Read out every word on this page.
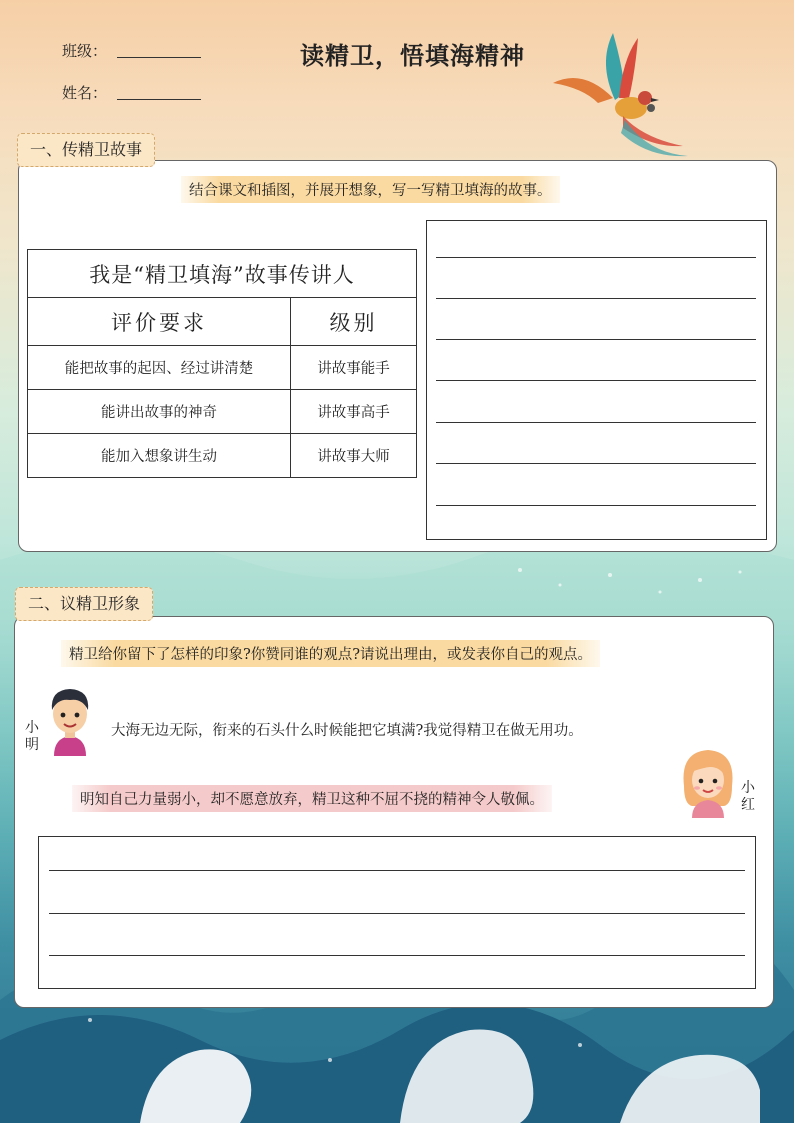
班级：
姓名：
读精卫，悟填海精神
一、传精卫故事
结合课文和插图，并展开想象，写一写精卫填海的故事。
我是“精卫填海”故事传讲人	
评价要求	级别
能把故事的起因、经过讲清楚	讲故事能手
能讲出故事的神奇	讲故事高手
能加入想象讲生动	讲故事大师
二、议精卫形象
精卫给你留下了怎样的印象?你赞同谁的观点?请说出理由，或发表你自己的观点。
小明
大海无边无际，衔来的石头什么时候能把它填满?我觉得精卫在做无用功。
明知自己力量弱小，却不愿意放弃，精卫这种不屈不挠的精神令人敬佩。
小红
